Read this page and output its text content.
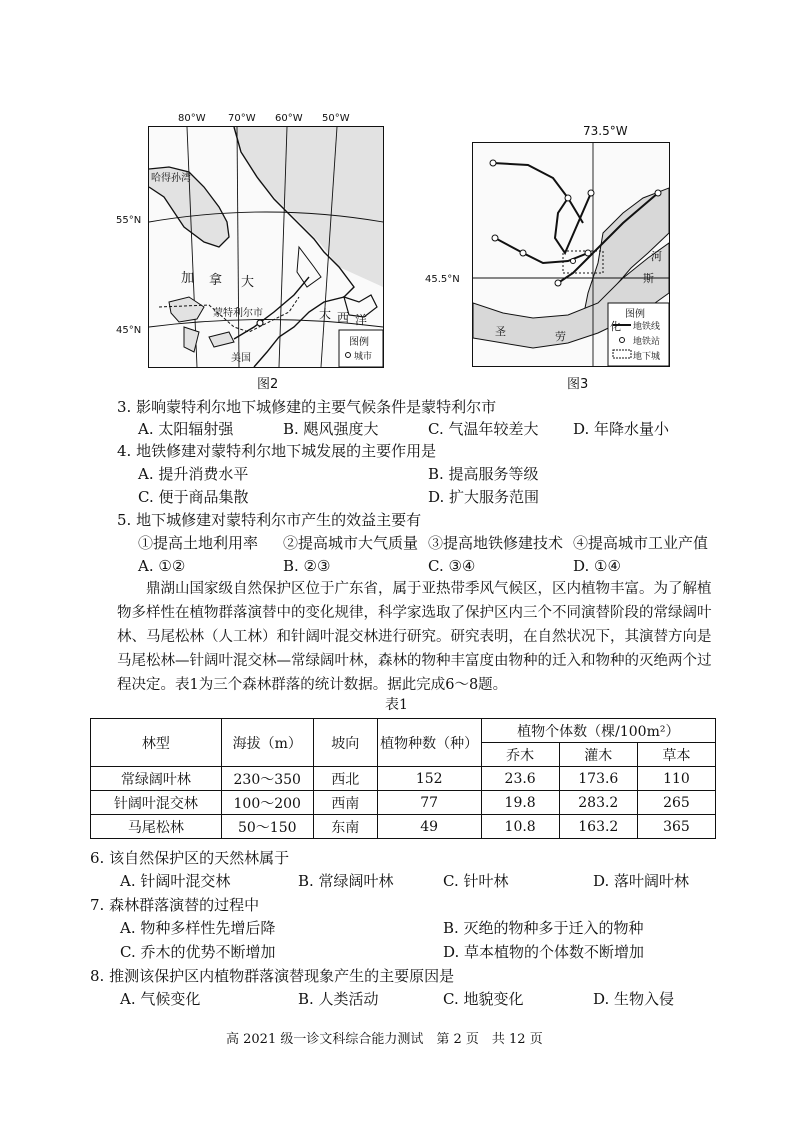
80°W 70°W 60°W 50°W
55°N
45°N
哈得孙湾
加 拿 大
大 西 洋
蒙特利尔市
美国
图例
城市
图2
73.5°W
45.5°N
河
斯
化
劳
圣
图例
地铁线
地铁站
地下城
图3
3. 影响蒙特利尔地下城修建的主要气候条件是蒙特利尔市
A. 太阳辐射强	B. 飓风强度大	C. 气温年较差大 D. 年降水量小
4. 地铁修建对蒙特利尔地下城发展的主要作用是
A. 提升消费水平	B. 提高服务等级
C. 便于商品集散	D. 扩大服务范围
5. 地下城修建对蒙特利尔市产生的效益主要有
①提高土地利用率 ②提高城市大气质量 ③提高地铁修建技术 ④提高城市工业产值
A. ①②	B. ②③	C. ③④	D. ①④
鼎湖山国家级自然保护区位于广东省，属于亚热带季风气候区，区内植物丰富。为了解植物多样性在植物群落演替中的变化规律，科学家选取了保护区内三个不同演替阶段的常绿阔叶林、马尾松林（人工林）和针阔叶混交林进行研究。研究表明，在自然状况下，其演替方向是马尾松林—针阔叶混交林—常绿阔叶林，森林的物种丰富度由物种的迁入和物种的灭绝两个过程决定。表1为三个森林群落的统计数据。据此完成6～8题。
表1
林型	海拔（m）	坡向	植物种数（种）	植物个体数（棵/100m²）		
				乔木	灌木	草本
常绿阔叶林	230～350	西北	152	23.6	173.6	110
针阔叶混交林	100～200	西南	77	19.8	283.2	265
马尾松林	50～150	东南	49	10.8	163.2	365
6. 该自然保护区的天然林属于
A. 针阔叶混交林	B. 常绿阔叶林	C. 针叶林	D. 落叶阔叶林
7. 森林群落演替的过程中
A. 物种多样性先增后降	B. 灭绝的物种多于迁入的物种
C. 乔木的优势不断增加	D. 草本植物的个体数不断增加
8. 推测该保护区内植物群落演替现象产生的主要原因是
A. 气候变化	B. 人类活动	C. 地貌变化	D. 生物入侵
高 2021 级一诊文科综合能力测试　第 2 页　共 12 页
